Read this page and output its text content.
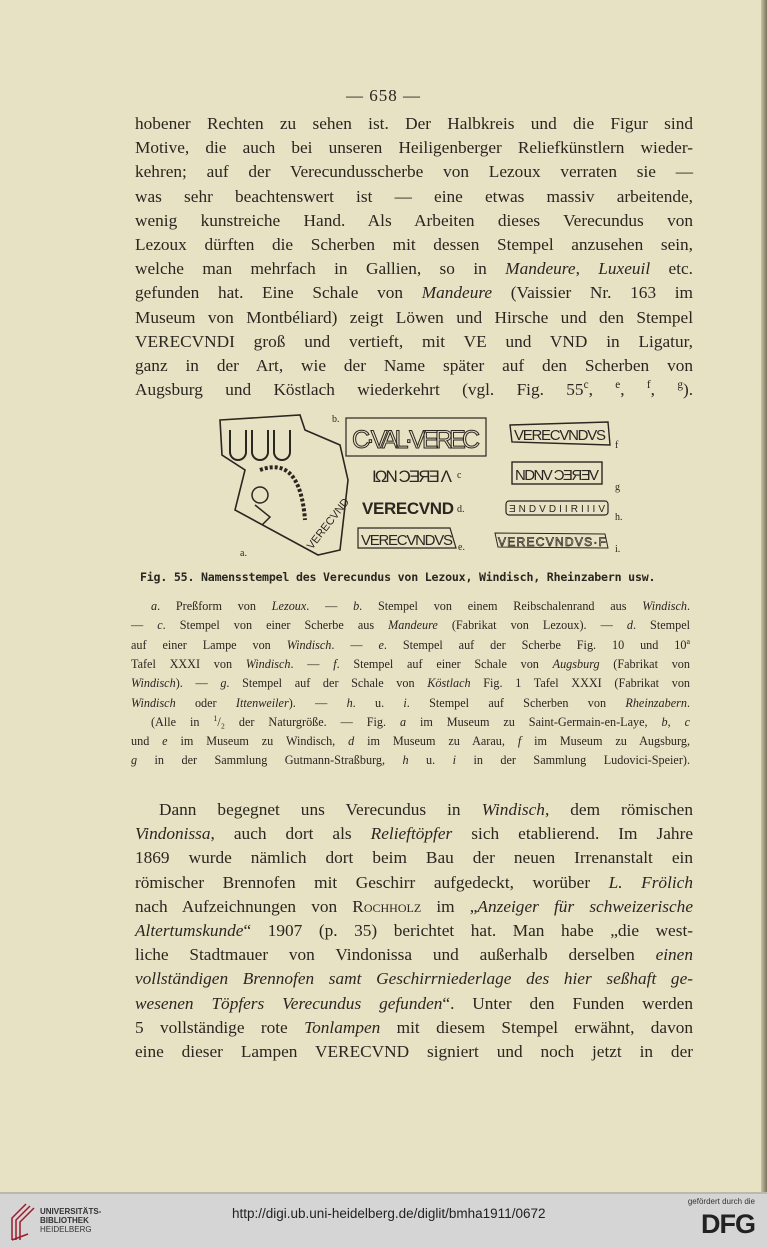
— 658 —
hobener Rechten zu sehen ist. Der Halbkreis und die Figur sind
Motive, die auch bei unseren Heiligenberger Reliefkünstlern wieder-
kehren; auf der Verecundusscherbe von Lezoux verraten sie —
was sehr beachtenswert ist — eine etwas massiv arbeitende,
wenig kunstreiche Hand. Als Arbeiten dieses Verecundus von
Lezoux dürften die Scherben mit dessen Stempel anzusehen sein,
welche man mehrfach in Gallien, so in Mandeure, Luxeuil etc.
gefunden hat. Eine Schale von Mandeure (Vaissier Nr. 163 im
Museum von Montbéliard) zeigt Löwen und Hirsche und den Stempel
VERECVNDI groß und vertieft, mit VE und VND in Ligatur,
ganz in der Art, wie der Name später auf den Scherben von
Augsburg und Köstlach wiederkehrt (vgl. Fig. 55$^c$, $^e$, $^f$, $^g$).
VERECVND
a.
b.
c
d.
e.
f
g
h.
i.
C·VAL·VEREC
ΙΩΝ ϽƎЯƎ Ʌ
VERECVND
VERECVNDVS
VERECVNDVS
NDNV ϽƎЯƎV
ƎNDVDIIRIIIV
VERECVNDVS·F
Fig. 55. Namensstempel des Verecundus von Lezoux, Windisch, Rheinzabern usw.
a. Preßform von Lezoux. — b. Stempel von einem Reibschalenrand aus Windisch.
— c. Stempel von einer Scherbe aus Mandeure (Fabrikat von Lezoux). — d. Stempel
auf einer Lampe von Windisch. — e. Stempel auf der Scherbe Fig. 10 und 10$^a$
Tafel XXXI von Windisch. — f. Stempel auf einer Schale von Augsburg (Fabrikat von
Windisch). — g. Stempel auf der Schale von Köstlach Fig. 1 Tafel XXXI (Fabrikat von
Windisch oder Ittenweiler). — h. u. i. Stempel auf Scherben von Rheinzabern.
(Alle in $^1$/₂ der Naturgröße. — Fig. a im Museum zu Saint-Germain-en-Laye, b, c
und e im Museum zu Windisch, d im Museum zu Aarau, f im Museum zu Augsburg,
g in der Sammlung Gutmann-Straßburg, h u. i in der Sammlung Ludovici-Speier).
Dann begegnet uns Verecundus in Windisch, dem römischen
Vindonissa, auch dort als Relieftöpfer sich etablierend. Im Jahre
1869 wurde nämlich dort beim Bau der neuen Irrenanstalt ein
römischer Brennofen mit Geschirr aufgedeckt, worüber L. Frölich
nach Aufzeichnungen von Rochholz im „Anzeiger für schweizerische
Altertumskunde“ 1907 (p. 35) berichtet hat. Man habe „die west-
liche Stadtmauer von Vindonissa und außerhalb derselben einen
vollständigen Brennofen samt Geschirrniederlage des hier seßhaft ge-
wesenen Töpfers Verecundus gefunden“. Unter den Funden werden
5 vollständige rote Tonlampen mit diesem Stempel erwähnt, davon
eine dieser Lampen VERECVND signiert und noch jetzt in der
UNIVERSITÄTS-
BIBLIOTHEK
HEIDELBERG
http://digi.ub.uni-heidelberg.de/diglit/bmha1911/0672
gefördert durch die
DFG
